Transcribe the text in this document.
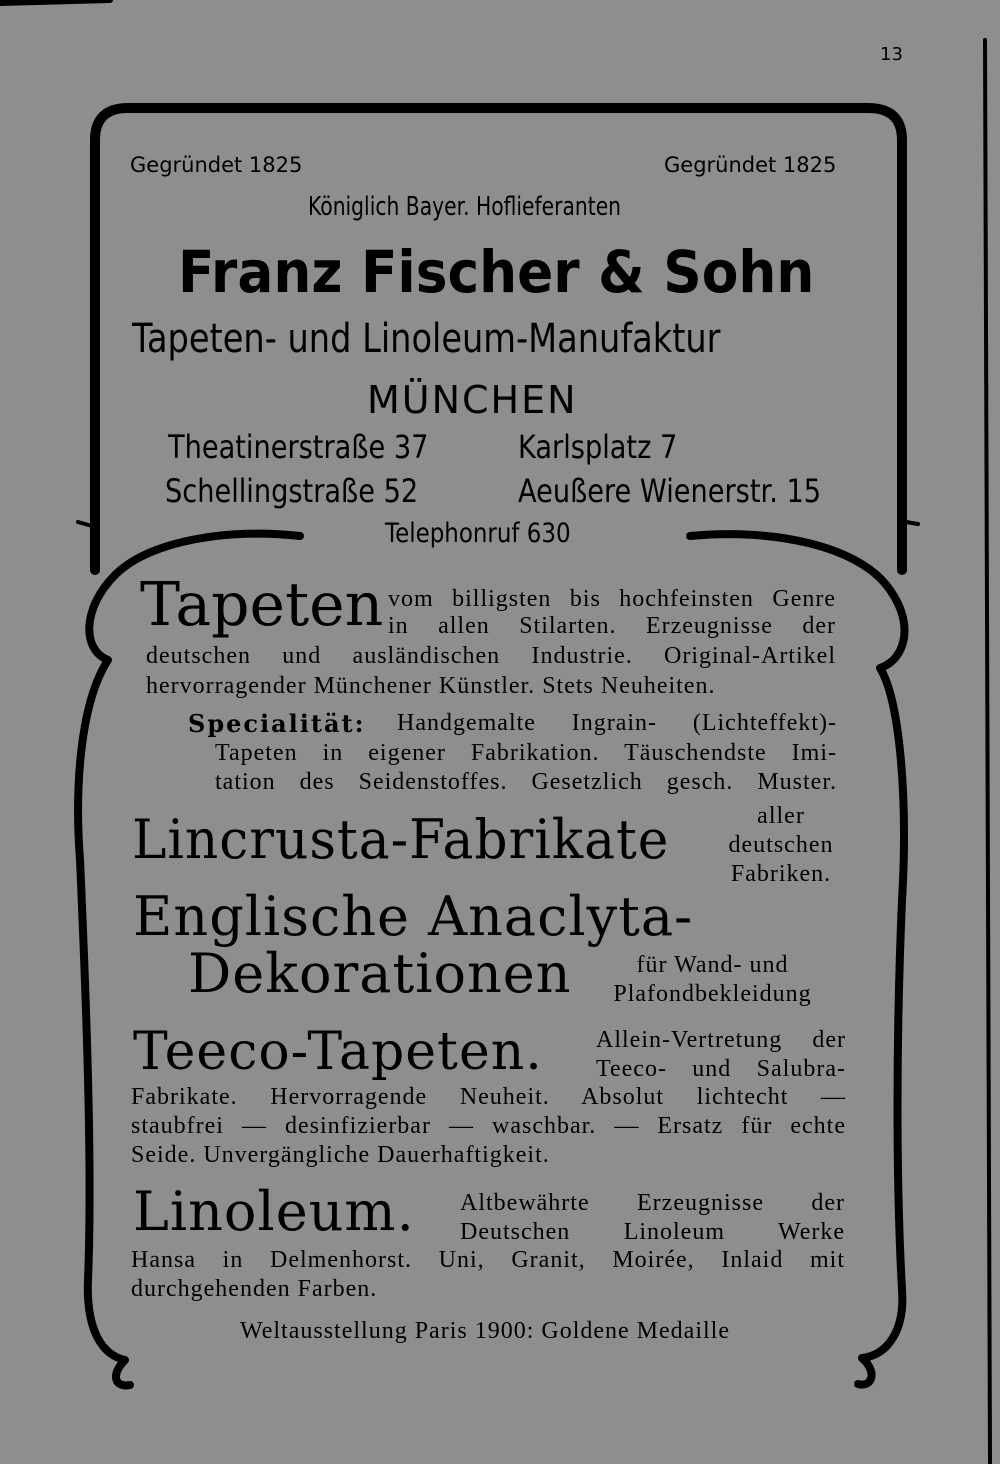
13
Gegründet 1825	Gegründet 1825
Königlich Bayer. Hoflieferanten
Franz Fischer & Sohn
Tapeten- und Linoleum-Manufaktur
MÜNCHEN
Theatinerstraße 37	Karlsplatz 7
Schellingstraße 52	Aeußere Wienerstr. 15
Telephonruf 630
Tapeten vom billigsten bis hochfeinsten Genre
in allen Stilarten. Erzeugnisse der
deutschen und ausländischen Industrie. Original-Artikel
hervorragender Münchener Künstler. Stets Neuheiten.
Specialität: Handgemalte Ingrain- (Lichteffekt)-
Tapeten in eigener Fabrikation. Täuschendste Imi-
tation des Seidenstoffes. Gesetzlich gesch. Muster.
Lincrusta-Fabrikate	aller
deutschen
Fabriken.
Englische Anaclyta-
Dekorationen	für Wand- und
Plafondbekleidung
Teeco-Tapeten. Allein-Vertretung der
Teeco- und Salubra-
Fabrikate. Hervorragende Neuheit. Absolut lichtecht —
staubfrei — desinfizierbar — waschbar. — Ersatz für echte
Seide. Unvergängliche Dauerhaftigkeit.
Linoleum. Altbewährte Erzeugnisse der
Deutschen Linoleum Werke
Hansa in Delmenhorst. Uni, Granit, Moirée, Inlaid mit
durchgehenden Farben.
Weltausstellung Paris 1900: Goldene Medaille
